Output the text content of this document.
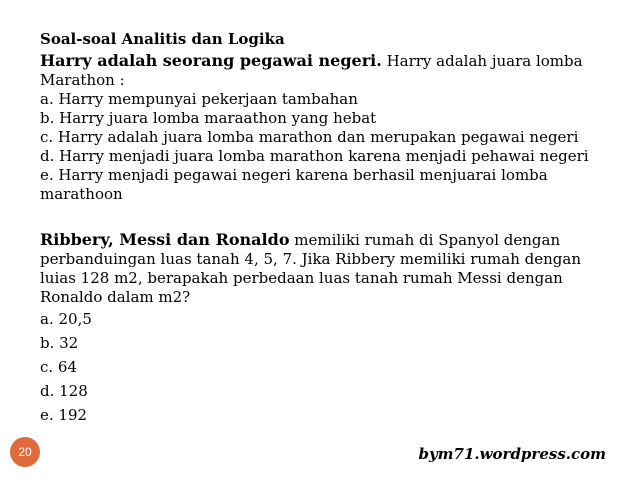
Soal-soal Analitis dan Logika
Harry adalah seorang pegawai negeri. Harry adalah juara lomba Marathon :
a. Harry mempunyai pekerjaan tambahan
b. Harry juara lomba maraathon yang hebat
c. Harry adalah juara lomba marathon dan merupakan pegawai negeri
d. Harry menjadi juara lomba marathon karena menjadi pehawai negeri
e. Harry menjadi pegawai negeri karena berhasil menjuarai lomba marathoon
Ribbery, Messi dan Ronaldo memiliki rumah di Spanyol dengan perbanduingan luas tanah 4, 5, 7. Jika Ribbery memiliki rumah dengan luias 128 m2, berapakah perbedaan luas tanah rumah Messi dengan Ronaldo dalam m2?
a. 20,5
b. 32
c. 64
d. 128
e. 192
20	bym71.wordpress.com
